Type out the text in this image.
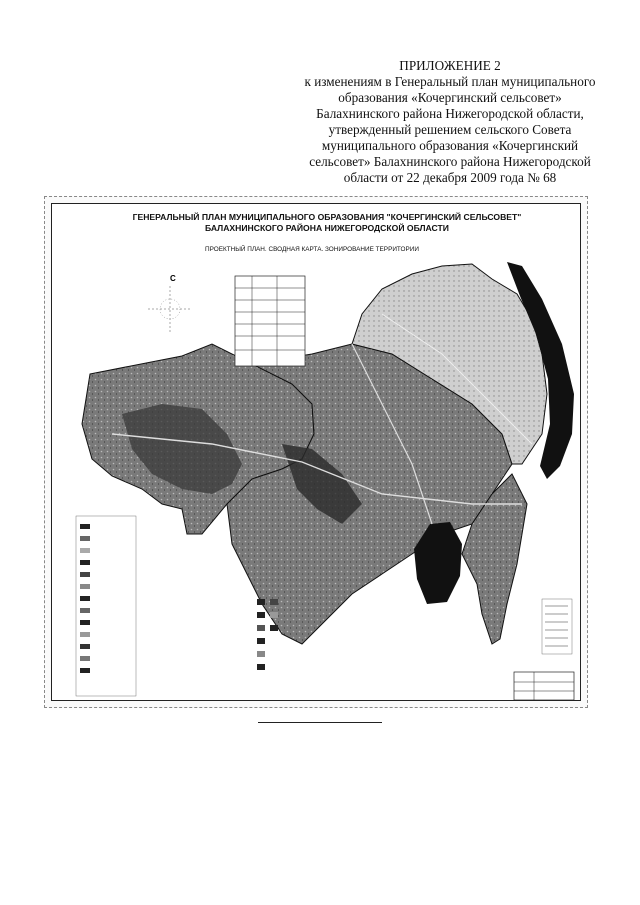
ПРИЛОЖЕНИЕ 2
к изменениям в Генеральный план муниципального
образования «Кочергинский сельсовет»
Балахнинского района Нижегородской области,
утвержденный решением сельского Совета
муниципального образования «Кочергинский
сельсовет» Балахнинского района Нижегородской
области от 22 декабря 2009 года № 68
ГЕНЕРАЛЬНЫЙ ПЛАН МУНИЦИПАЛЬНОГО ОБРАЗОВАНИЯ "КОЧЕРГИНСКИЙ СЕЛЬСОВЕТ"
БАЛАХНИНСКОГО РАЙОНА НИЖЕГОРОДСКОЙ ОБЛАСТИ
ПРОЕКТНЫЙ ПЛАН. СВОДНАЯ КАРТА. ЗОНИРОВАНИЕ ТЕРРИТОРИИ
С
